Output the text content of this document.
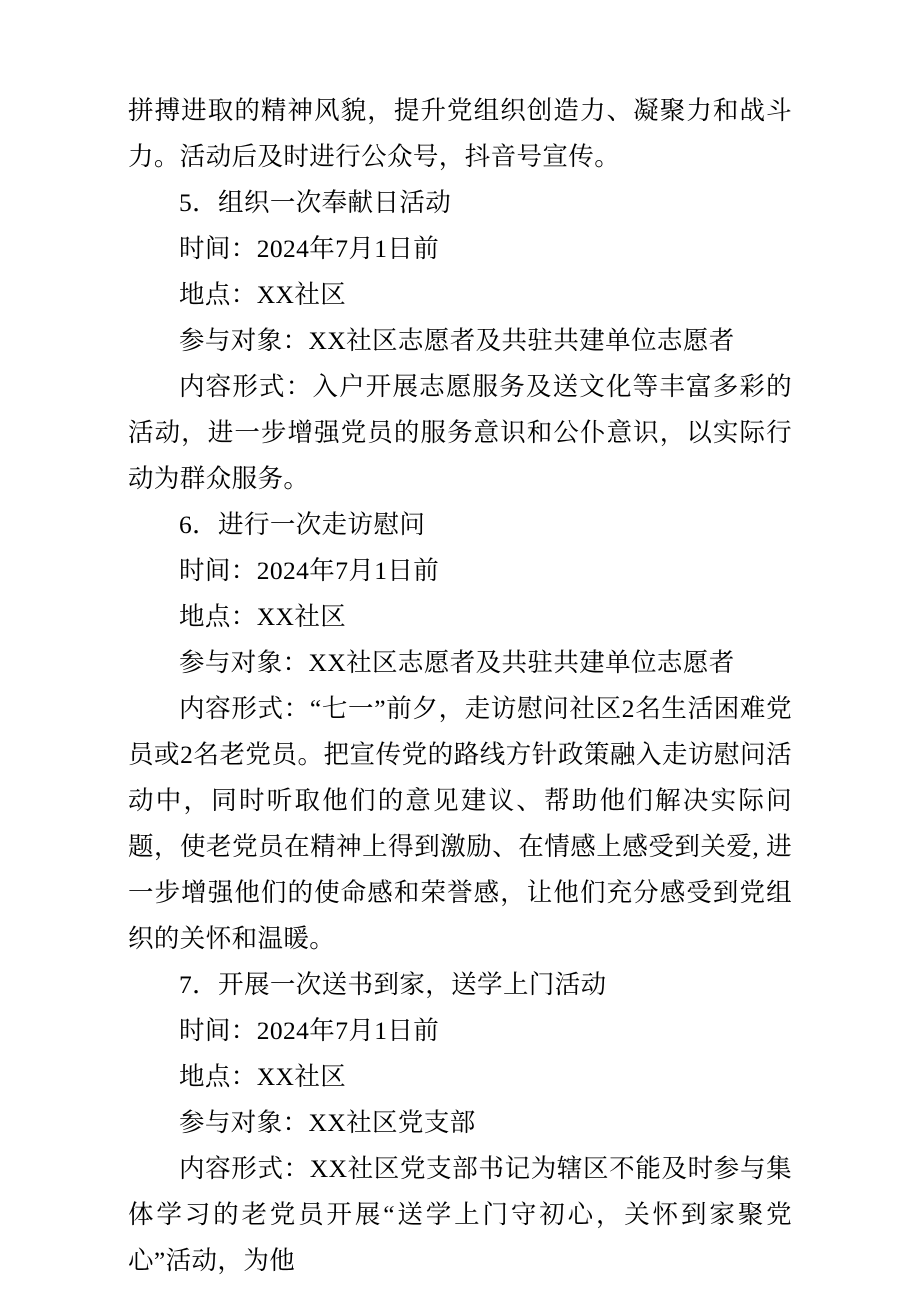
拼搏进取的精神风貌，提升党组织创造力、凝聚力和战斗力。活动后及时进行公众号，抖音号宣传。

5．组织一次奉献日活动

时间：2024年7月1日前

地点：XX社区

参与对象：XX社区志愿者及共驻共建单位志愿者

内容形式：入户开展志愿服务及送文化等丰富多彩的活动，进一步增强党员的服务意识和公仆意识，以实际行动为群众服务。

6．进行一次走访慰问

时间：2024年7月1日前

地点：XX社区

参与对象：XX社区志愿者及共驻共建单位志愿者

内容形式：“七一”前夕，走访慰问社区2名生活困难党员或2名老党员。把宣传党的路线方针政策融入走访慰问活动中，同时听取他们的意见建议、帮助他们解决实际问题，使老党员在精神上得到激励、在情感上感受到关爱, 进一步增强他们的使命感和荣誉感，让他们充分感受到党组织的关怀和温暖。

7．开展一次送书到家，送学上门活动

时间：2024年7月1日前

地点：XX社区

参与对象：XX社区党支部

内容形式：XX社区党支部书记为辖区不能及时参与集体学习的老党员开展“送学上门守初心，关怀到家聚党心”活动，为他
